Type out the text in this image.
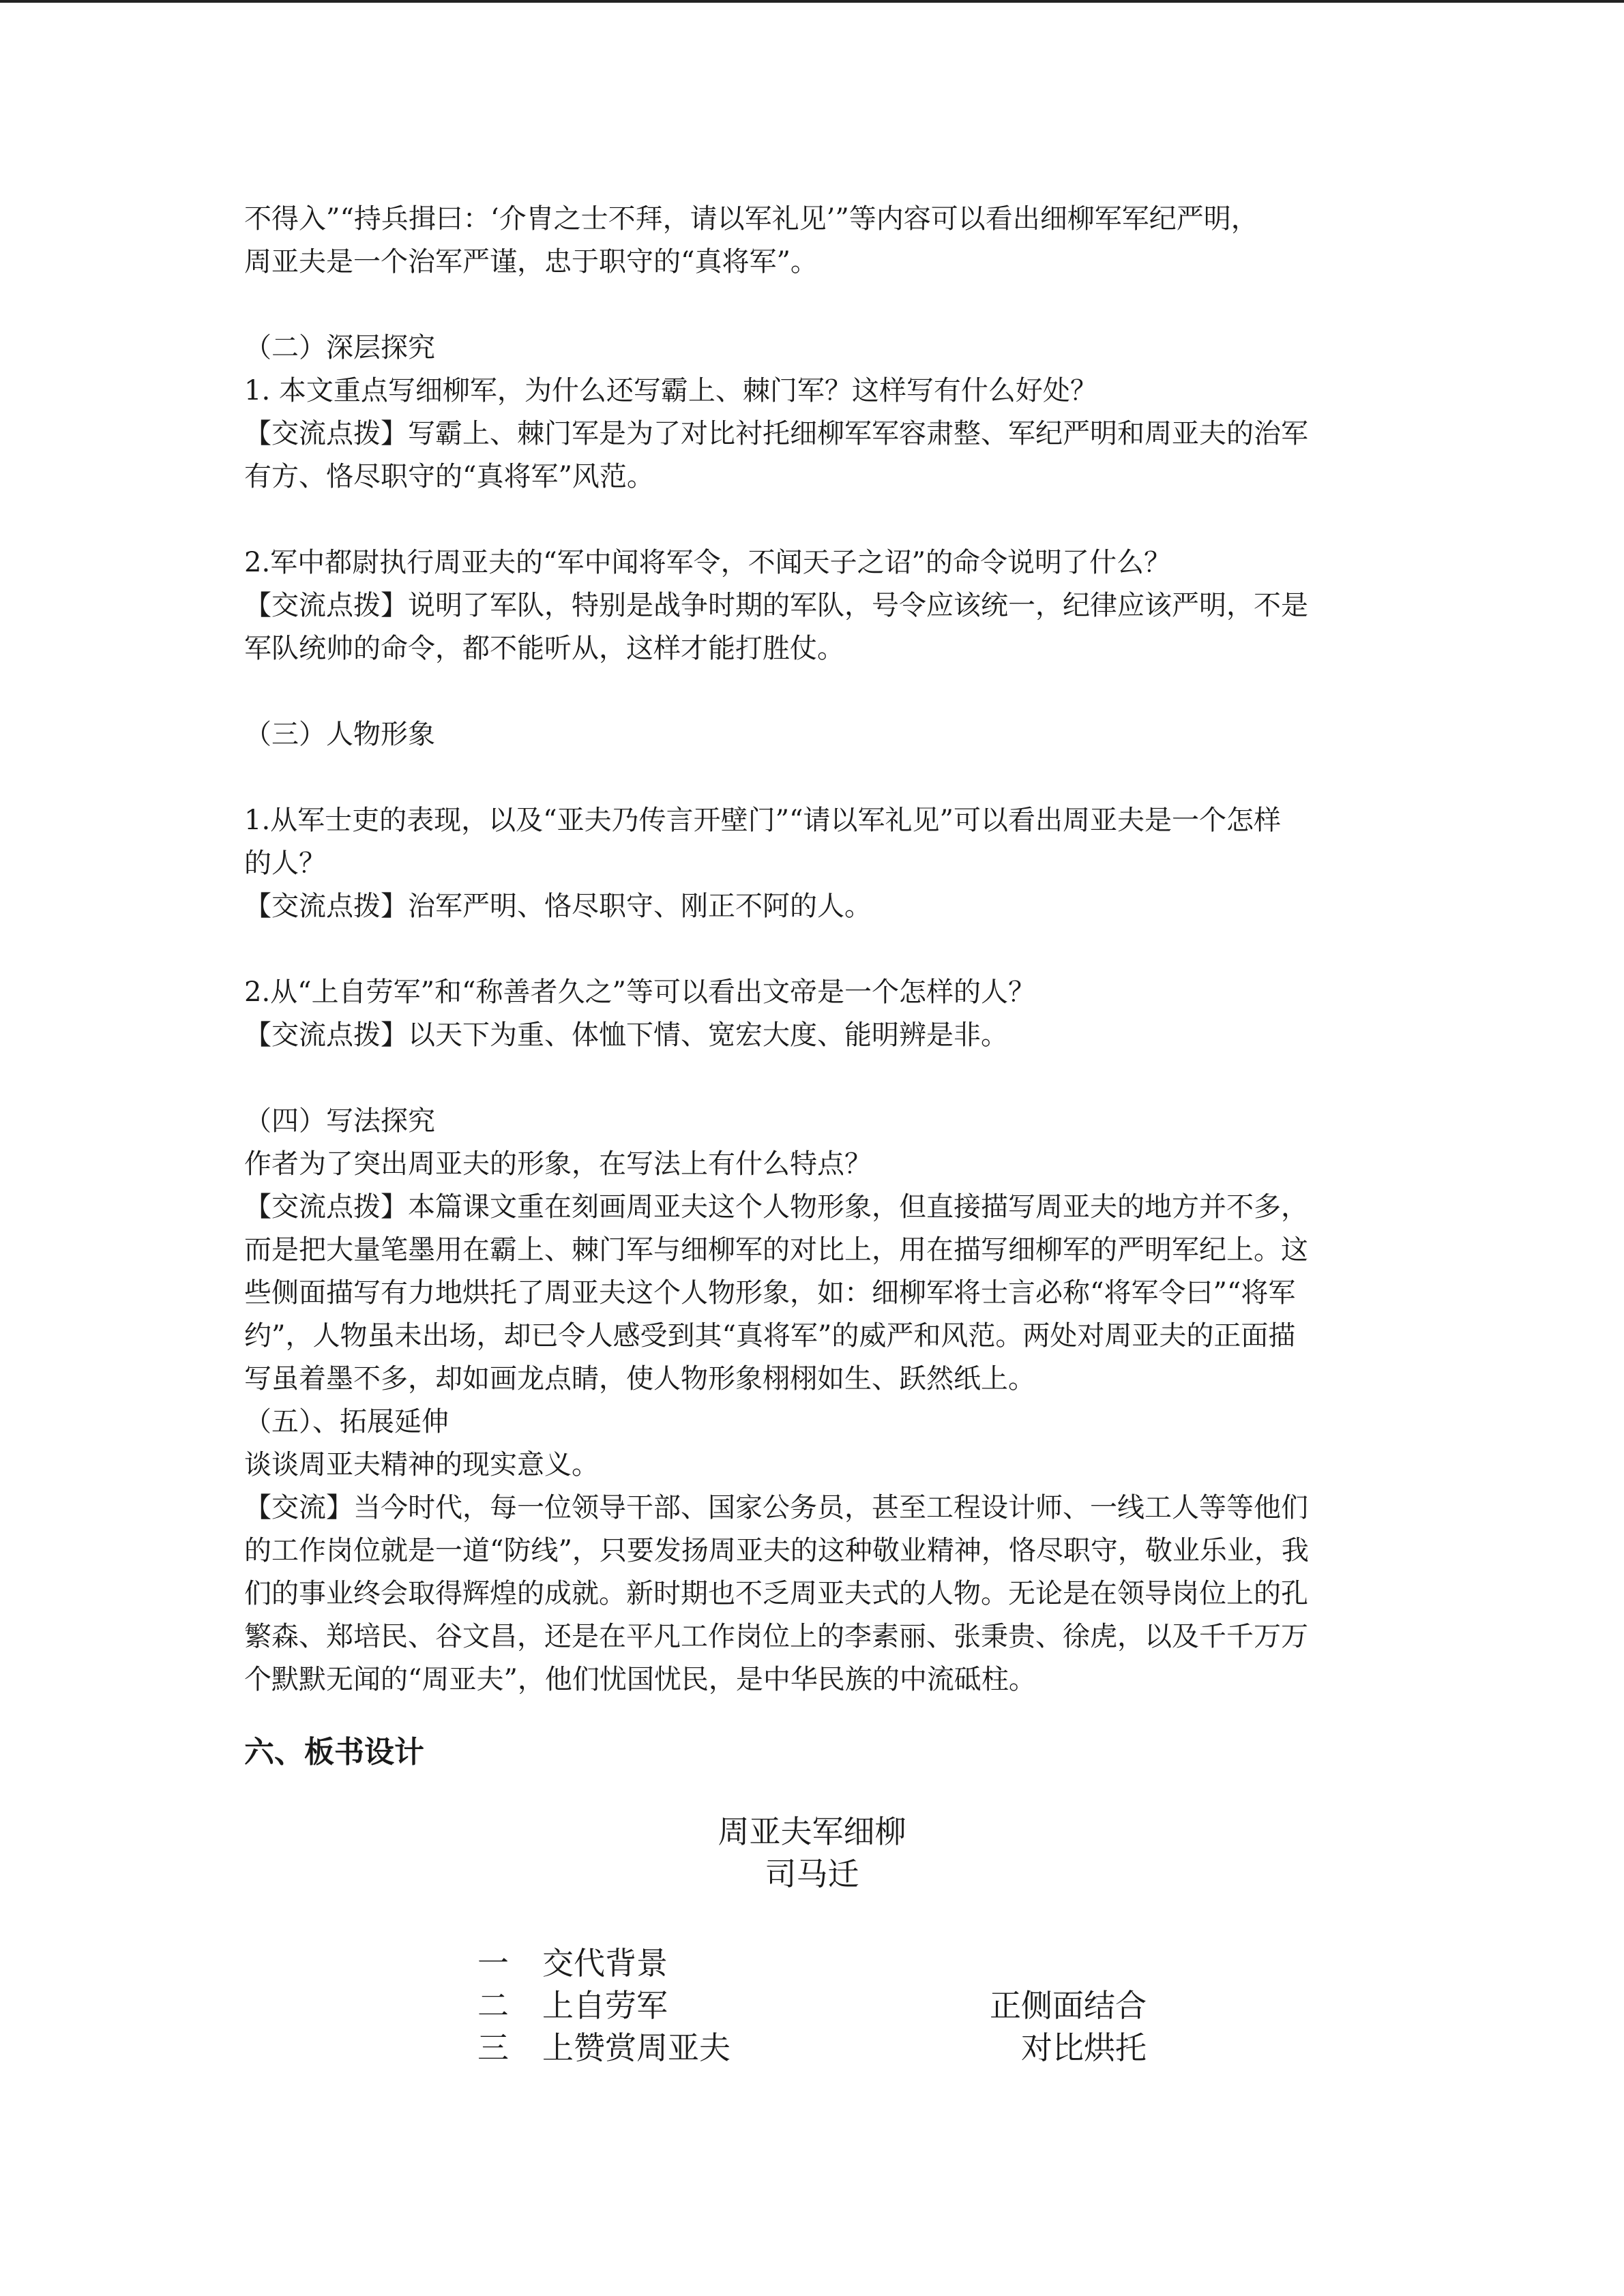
不得入”“持兵揖曰：‘介胄之士不拜，请以军礼见’”等内容可以看出细柳军军纪严明，

周亚夫是一个治军严谨，忠于职守的“真将军”。

（二）深层探究

1. 本文重点写细柳军，为什么还写霸上、棘门军？这样写有什么好处？

【交流点拨】写霸上、棘门军是为了对比衬托细柳军军容肃整、军纪严明和周亚夫的治军

有方、恪尽职守的“真将军”风范。

2.军中都尉执行周亚夫的“军中闻将军令，不闻天子之诏”的命令说明了什么？

【交流点拨】说明了军队，特别是战争时期的军队，号令应该统一，纪律应该严明，不是

军队统帅的命令，都不能听从，这样才能打胜仗。

（三）人物形象

1.从军士吏的表现，以及“亚夫乃传言开壁门”“请以军礼见”可以看出周亚夫是一个怎样

的人？

【交流点拨】治军严明、恪尽职守、刚正不阿的人。

2.从“上自劳军”和“称善者久之”等可以看出文帝是一个怎样的人？

【交流点拨】以天下为重、体恤下情、宽宏大度、能明辨是非。

（四）写法探究

作者为了突出周亚夫的形象，在写法上有什么特点？

【交流点拨】本篇课文重在刻画周亚夫这个人物形象，但直接描写周亚夫的地方并不多，

而是把大量笔墨用在霸上、棘门军与细柳军的对比上，用在描写细柳军的严明军纪上。这

些侧面描写有力地烘托了周亚夫这个人物形象，如：细柳军将士言必称“将军令曰”“将军

约”，人物虽未出场，却已令人感受到其“真将军”的威严和风范。两处对周亚夫的正面描

写虽着墨不多，却如画龙点睛，使人物形象栩栩如生、跃然纸上。

（五）、拓展延伸

谈谈周亚夫精神的现实意义。

【交流】当今时代，每一位领导干部、国家公务员，甚至工程设计师、一线工人等等他们

的工作岗位就是一道“防线”，只要发扬周亚夫的这种敬业精神，恪尽职守，敬业乐业，我

们的事业终会取得辉煌的成就。新时期也不乏周亚夫式的人物。无论是在领导岗位上的孔

繁森、郑培民、谷文昌，还是在平凡工作岗位上的李素丽、张秉贵、徐虎，以及千千万万

个默默无闻的“周亚夫”，他们忧国忧民，是中华民族的中流砥柱。

六、板书设计

周亚夫军细柳

司马迁

一 交代背景

二 上自劳军

三 上赞赏周亚夫

正侧面结合

对比烘托
